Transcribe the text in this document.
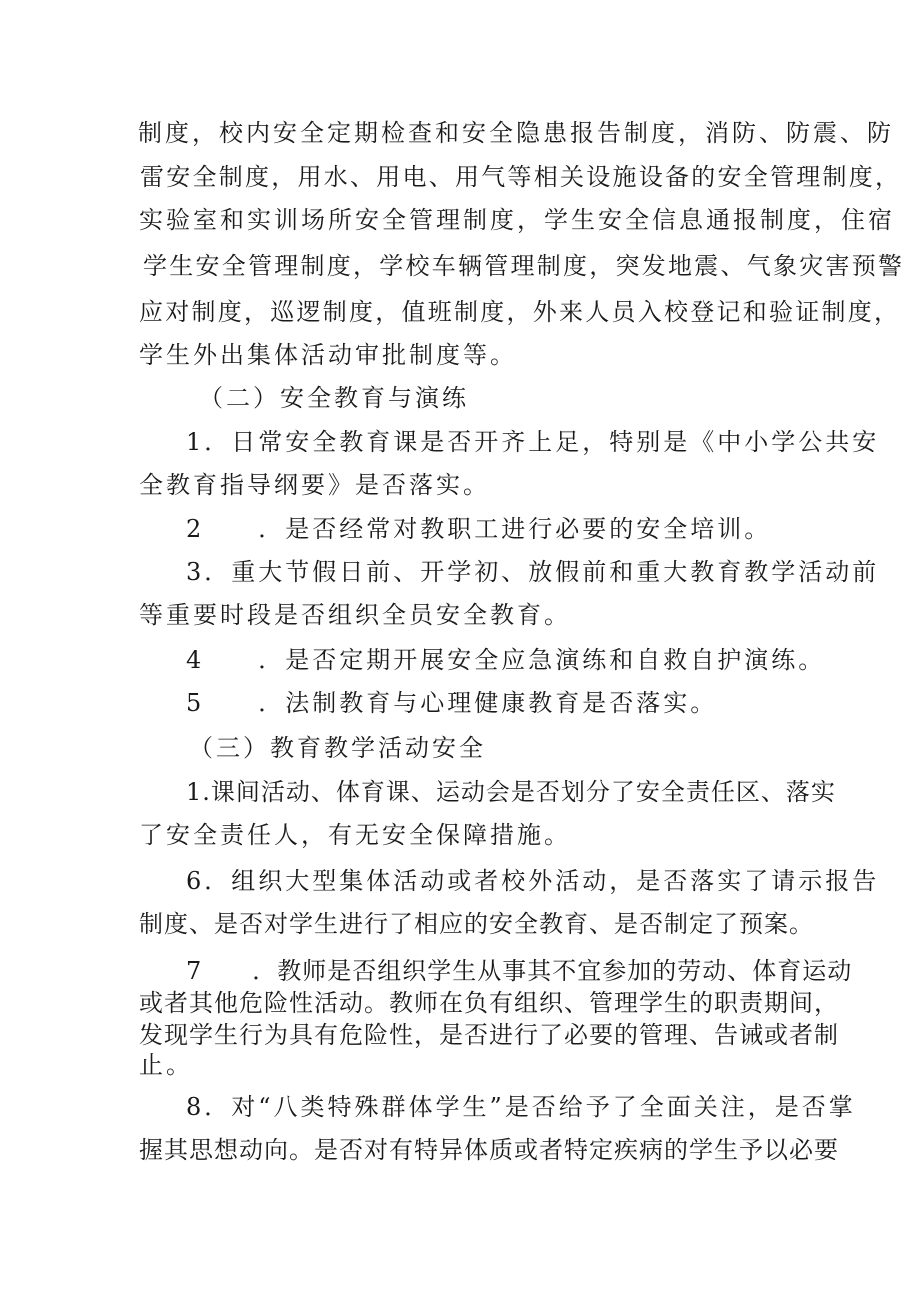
制度，校内安全定期检查和安全隐患报告制度，消防、防震、防
雷安全制度，用水、用电、用气等相关设施设备的安全管理制度，
实验室和实训场所安全管理制度，学生安全信息通报制度，住宿
学生安全管理制度，学校车辆管理制度，突发地震、气象灾害预警
应对制度，巡逻制度，值班制度，外来人员入校登记和验证制度，
学生外出集体活动审批制度等。
（二）安全教育与演练
1．日常安全教育课是否开齐上足，特别是《中小学公共安
全教育指导纲要》是否落实。
2　　．是否经常对教职工进行必要的安全培训。
3．重大节假日前、开学初、放假前和重大教育教学活动前
等重要时段是否组织全员安全教育。
4　　．是否定期开展安全应急演练和自救自护演练。
5　　．法制教育与心理健康教育是否落实。
（三）教育教学活动安全
1.课间活动、体育课、运动会是否划分了安全责任区、落实
了安全责任人，有无安全保障措施。
6．组织大型集体活动或者校外活动，是否落实了请示报告
制度、是否对学生进行了相应的安全教育、是否制定了预案。
7　　．教师是否组织学生从事其不宜参加的劳动、体育运动
或者其他危险性活动。教师在负有组织、管理学生的职责期间，
发现学生行为具有危险性，是否进行了必要的管理、告诫或者制
止。
8．对“八类特殊群体学生”是否给予了全面关注，是否掌
握其思想动向。是否对有特异体质或者特定疾病的学生予以必要
